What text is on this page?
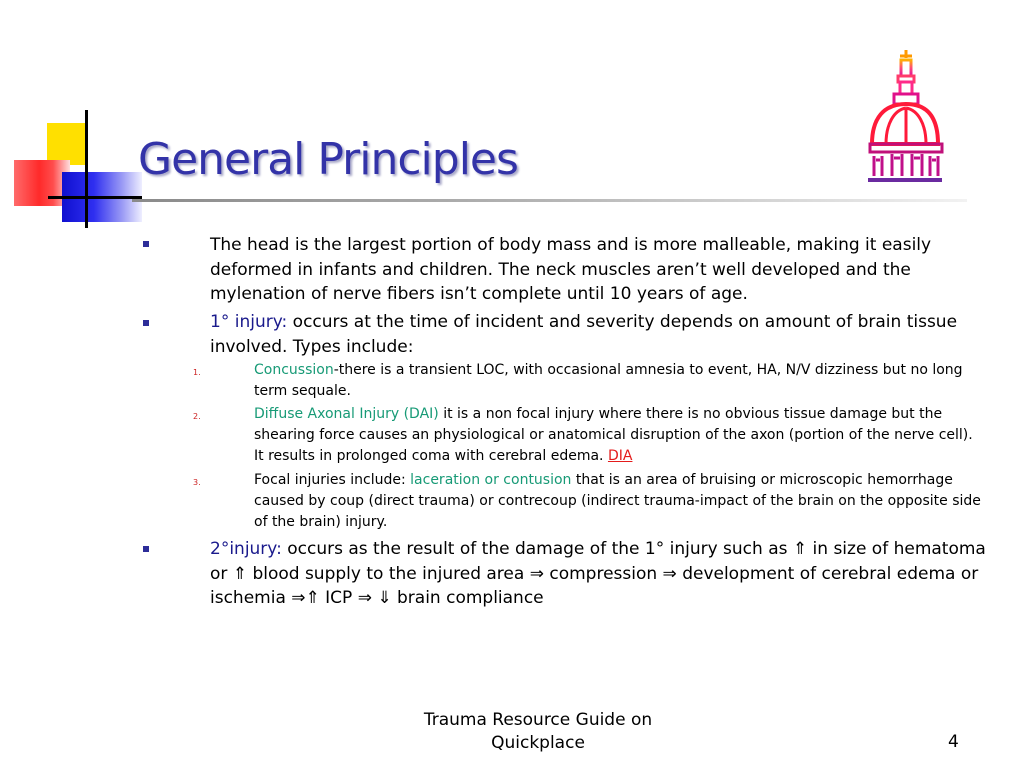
General Principles
The head is the largest portion of body mass and is more malleable, making it easily deformed in infants and children. The neck muscles aren’t well developed and the mylenation of nerve fibers isn’t complete until 10 years of age.
1° injury: occurs at the time of incident and severity depends on amount of brain tissue involved. Types include:
1.	Concussion-there is a transient LOC, with occasional amnesia to event, HA, N/V dizziness but no long term sequale.
2.	Diffuse Axonal Injury (DAI) it is a non focal injury where there is no obvious tissue damage but the shearing force causes an physiological or anatomical disruption of the axon (portion of the nerve cell). It results in prolonged coma with cerebral edema. DIA
3.	Focal injuries include: laceration or contusion that is an area of bruising or microscopic hemorrhage caused by coup (direct trauma) or contrecoup (indirect trauma-impact of the brain on the opposite side of the brain) injury.
2°injury: occurs as the result of the damage of the 1° injury such as ⇑ in size of hematoma or ⇑ blood supply to the injured area ⇒ compression ⇒ development of cerebral edema or ischemia ⇒⇑ ICP ⇒ ⇓ brain compliance
Trauma Resource Guide on
Quickplace	4
